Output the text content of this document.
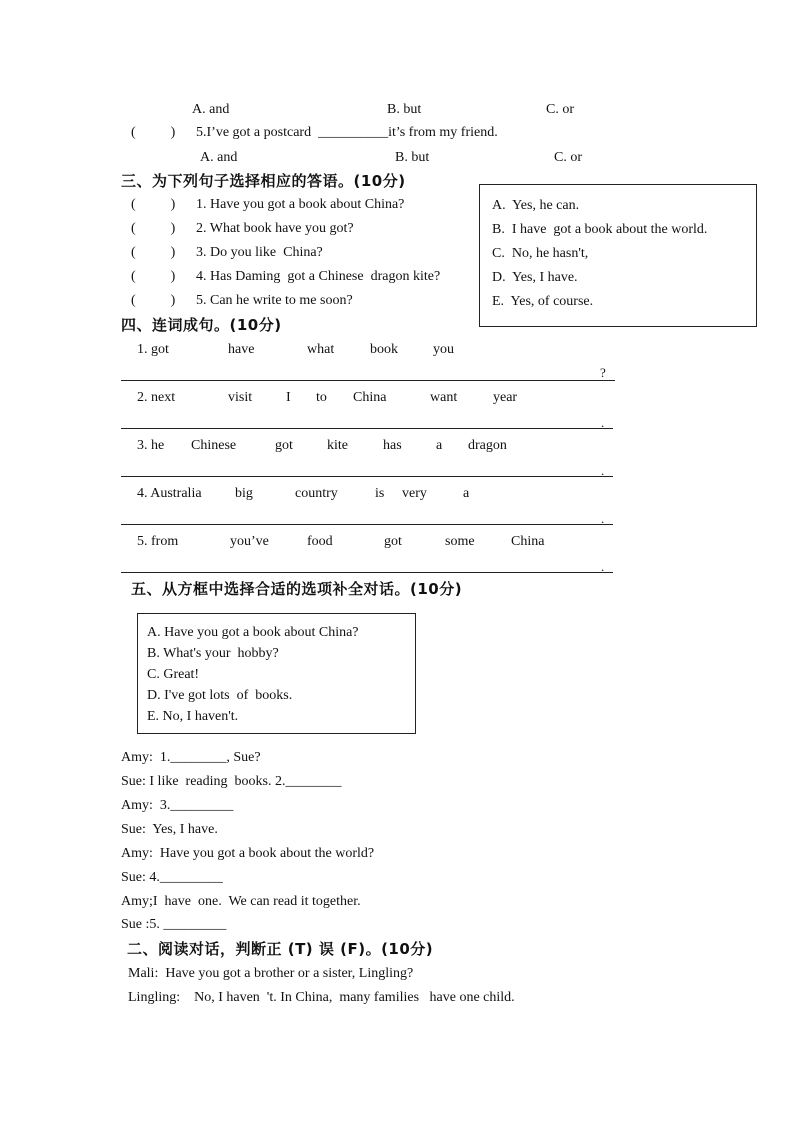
A. and	B. but	C. or
(          ) 5.I’ve got a postcard  __________it’s from my friend.
A. and	B. but	C. or
三、为下列句子选择相应的答语。(10分)
(          ) 1. Have you got a book about China?
(          ) 2. What book have you got?
(          ) 3. Do you like  China?
(          ) 4. Has Daming  got a Chinese  dragon kite?
(          ) 5. Can he write to me soon?
A.  Yes, he can.
B.  I have  got a book about the world.
C.  No, he hasn't,
D.  Yes, I have.
E.  Yes, of course.
四、连词成句。(10分)
1. got	have	what	book	you
?
2. next	visit I to China	want	year
.
3. he Chinese	got kite	has a dragon
.
4. Australia big	country	is very	a
.
5. from	you’ve	food	got	some	China
.
五、从方框中选择合适的选项补全对话。(10分)
A. Have you got a book about China?
B. What's your  hobby?
C. Great!
D. I've got lots  of  books.
E. No, I haven't.
Amy:  1.________, Sue?
Sue: I like  reading  books. 2.________
Amy:  3._________
Sue:  Yes, I have.
Amy:  Have you got a book about the world?
Sue: 4._________
Amy;I  have  one.  We can read it together.
Sue :5. _________
二、阅读对话，判断正 (T) 误 (F)。(10分)
Mali:  Have you got a brother or a sister, Lingling?
Lingling:    No, I haven  't. In China,  many families   have one child.
